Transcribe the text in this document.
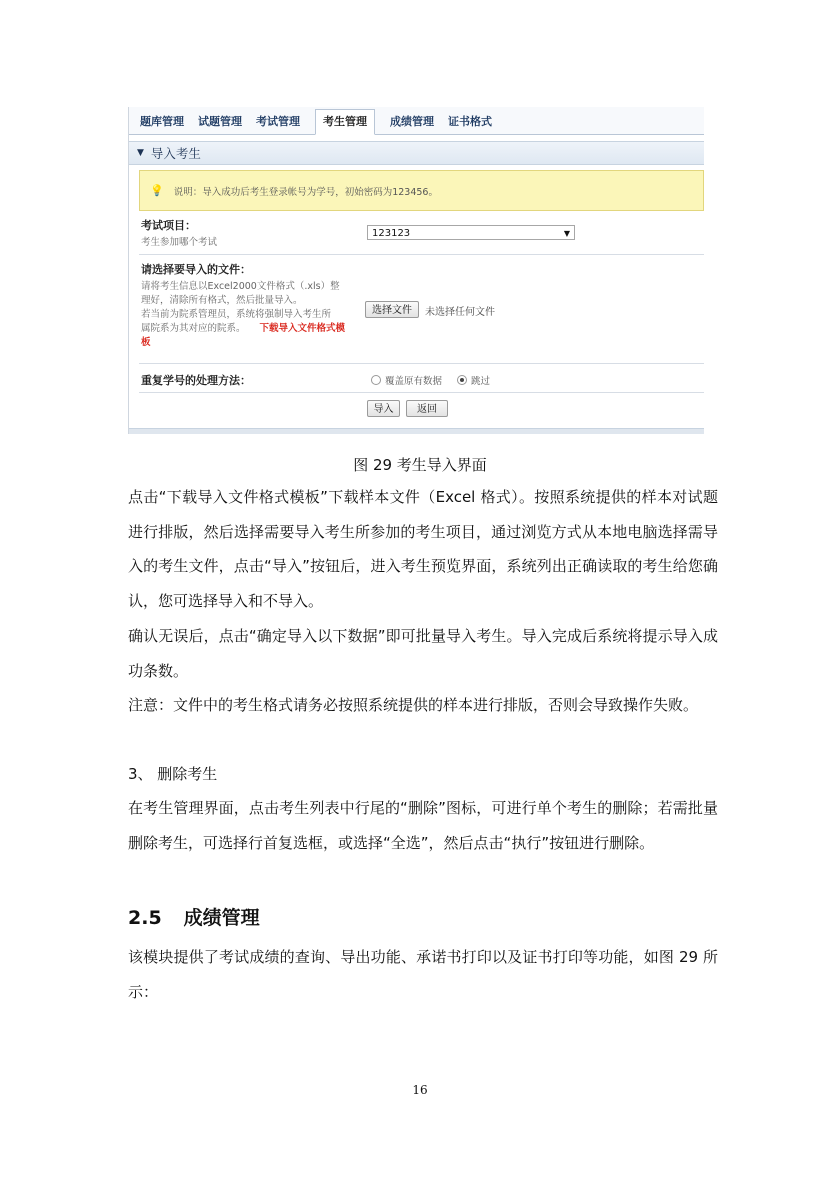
题库管理	试题管理	考试管理	考生管理	成绩管理	证书格式
▼ 导入考生
💡 说明：导入成功后考生登录帐号为学号，初始密码为123456。
考试项目：
考生参加哪个考试
123123	▼
请选择要导入的文件：
请将考生信息以Excel2000文件格式（.xls）整
理好，清除所有格式，然后批量导入。
若当前为院系管理员，系统将强制导入考生所
属院系为其对应的院系。 下载导入文件格式模
板
选择文件	未选择任何文件
重复学号的处理方法：	覆盖原有数据	跳过
导入	返回
图 29 考生导入界面

点击“下载导入文件格式模板”下载样本文件（Excel 格式）。按照系统提供的样本对试题进行排版，然后选择需要导入考生所参加的考生项目，通过浏览方式从本地电脑选择需导入的考生文件，点击“导入”按钮后，进入考生预览界面，系统列出正确读取的考生给您确认，您可选择导入和不导入。

确认无误后，点击“确定导入以下数据”即可批量导入考生。导入完成后系统将提示导入成功条数。

注意：文件中的考生格式请务必按照系统提供的样本进行排版，否则会导致操作失败。

3、 删除考生

在考生管理界面，点击考生列表中行尾的“删除”图标，可进行单个考生的删除；若需批量删除考生，可选择行首复选框，或选择“全选”，然后点击“执行”按钮进行删除。

2.5 成绩管理

该模块提供了考试成绩的查询、导出功能、承诺书打印以及证书打印等功能，如图 29 所示：

16
